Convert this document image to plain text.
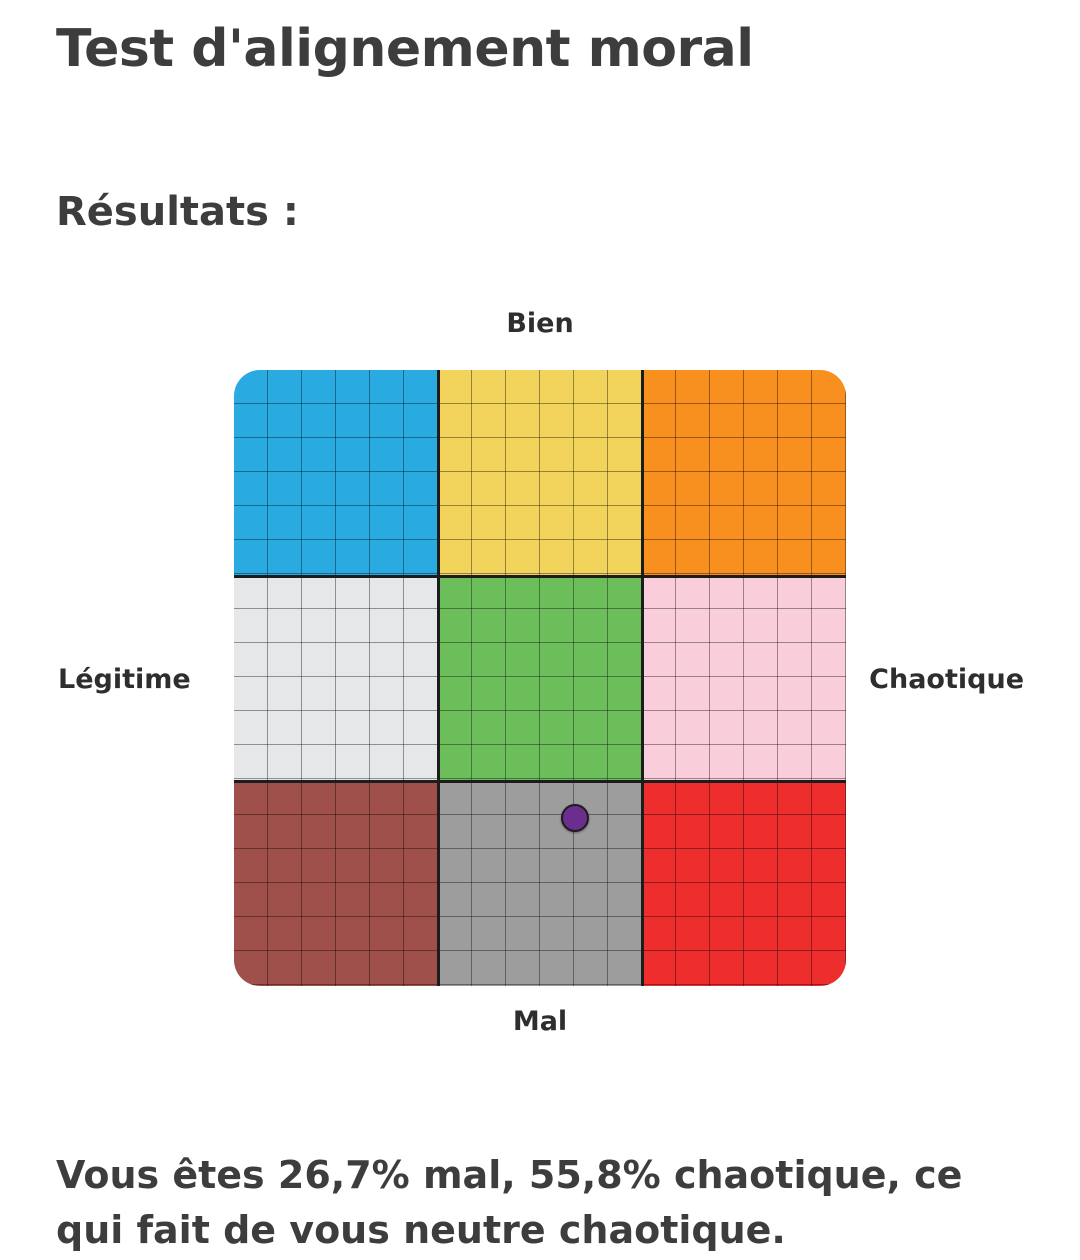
Test d'alignement moral
Résultats :
Bien
Légitime	Chaotique
Mal

Vous êtes 26,7% mal, 55,8% chaotique, ce qui fait de vous neutre chaotique.
